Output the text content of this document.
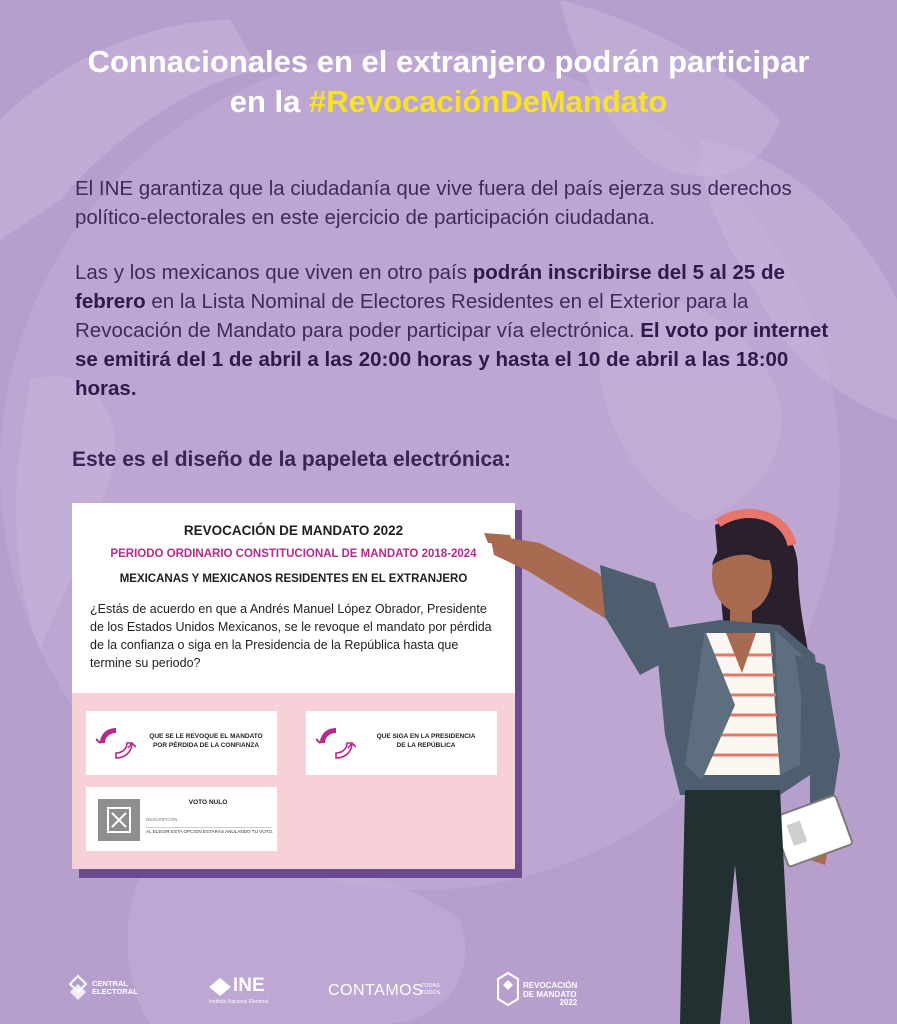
Connacionales en el extranjero podrán participar
en la #RevocaciónDeMandato

El INE garantiza que la ciudadanía que vive fuera del país ejerza sus derechos político-electorales en este ejercicio de participación ciudadana.

Las y los mexicanos que viven en otro país podrán inscribirse del 5 al 25 de febrero en la Lista Nominal de Electores Residentes en el Exterior para la Revocación de Mandato para poder participar vía electrónica. El voto por internet se emitirá del 1 de abril a las 20:00 horas y hasta el 10 de abril a las 18:00 horas.

Este es el diseño de la papeleta electrónica:
REVOCACIÓN DE MANDATO 2022
PERIODO ORDINARIO CONSTITUCIONAL DE MANDATO 2018-2024
MEXICANAS Y MEXICANOS RESIDENTES EN EL EXTRANJERO

¿Estás de acuerdo en que a Andrés Manuel López Obrador, Presidente de los Estados Unidos Mexicanos, se le revoque el mandato por pérdida de la confianza o siga en la Presidencia de la República hasta que termine su periodo?

QUE SE LE REVOQUE EL MANDATO
POR PÉRDIDA DE LA CONFIANZA
QUE SIGA EN LA PRESIDENCIA
DE LA REPÚBLICA
VOTO NULO
DESCRIPCIÓN
AL ELEGIR ESTA OPCIÓN ESTARÁS ANULANDO TU VOTO.
CENTRAL
ELECTORAL	INE
Instituto Nacional Electoral
CONTAMOS
TODAS
TODOS
REVOCACIÓN
DE MANDATO
2022
